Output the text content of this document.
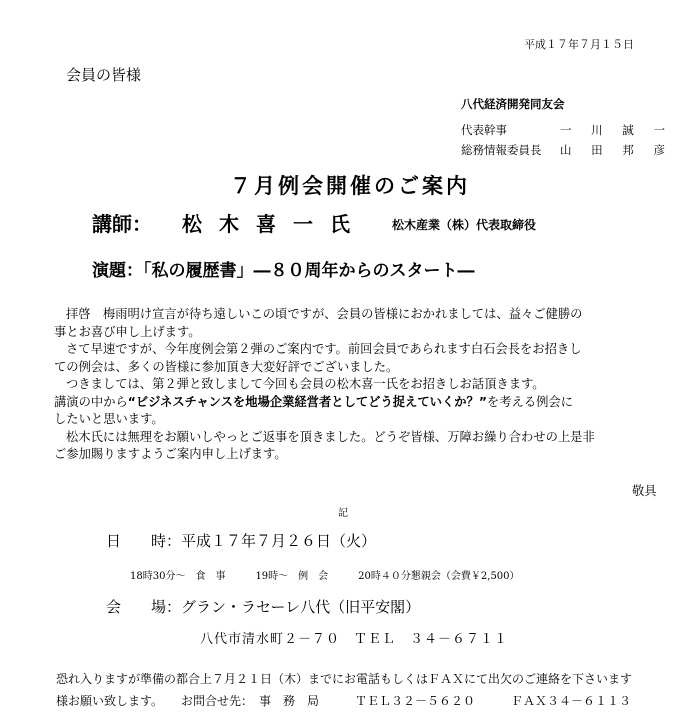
平成１７年７月１５日
会員の皆様
八代経済開発同友会
代表幹事	一 川 誠 一
総務情報委員長 山 田 邦 彦
７月例会開催のご案内
講師： 松木喜一氏 松木産業（株）代表取締役
演題：「私の履歴書」―８０周年からのスタート―

拝啓　梅雨明け宣言が待ち遠しいこの頃ですが、会員の皆様におかれましては、益々ご健勝の

事とお喜び申し上げます。

さて早速ですが、今年度例会第２弾のご案内です。前回会員であられます白石会長をお招きし

ての例会は、多くの皆様に参加頂き大変好評でございました。

つきましては、第２弾と致しまして今回も会員の松木喜一氏をお招きしお話頂きます。

講演の中から“ビジネスチャンスを地場企業経営者としてどう捉えていくか？”を考える例会に

したいと思います。

松木氏には無理をお願いしやっとご返事を頂きました。どうぞ皆様、万障お繰り合わせの上是非

ご参加賜りますようご案内申し上げます。

敬具
記
日　　時：平成１７年７月２６日（火）
18時30分～　食　事　　　19時～　例　会　　　20時４０分懇親会（会費￥2,500）
会　　場：グラン・ラセーレ八代（旧平安閣）
八代市清水町２－７０　ＴＥＬ　３４－６７１１

恐れ入りますが準備の都合上７月２１日（木）までにお電話もしくはＦＡＸにて出欠のご連絡を下さいます

様お願い致します。　　お問合せ先：　事　務　局　　　ＴＥＬ３２－５６２０　　　ＦＡＸ３４－６１１３
